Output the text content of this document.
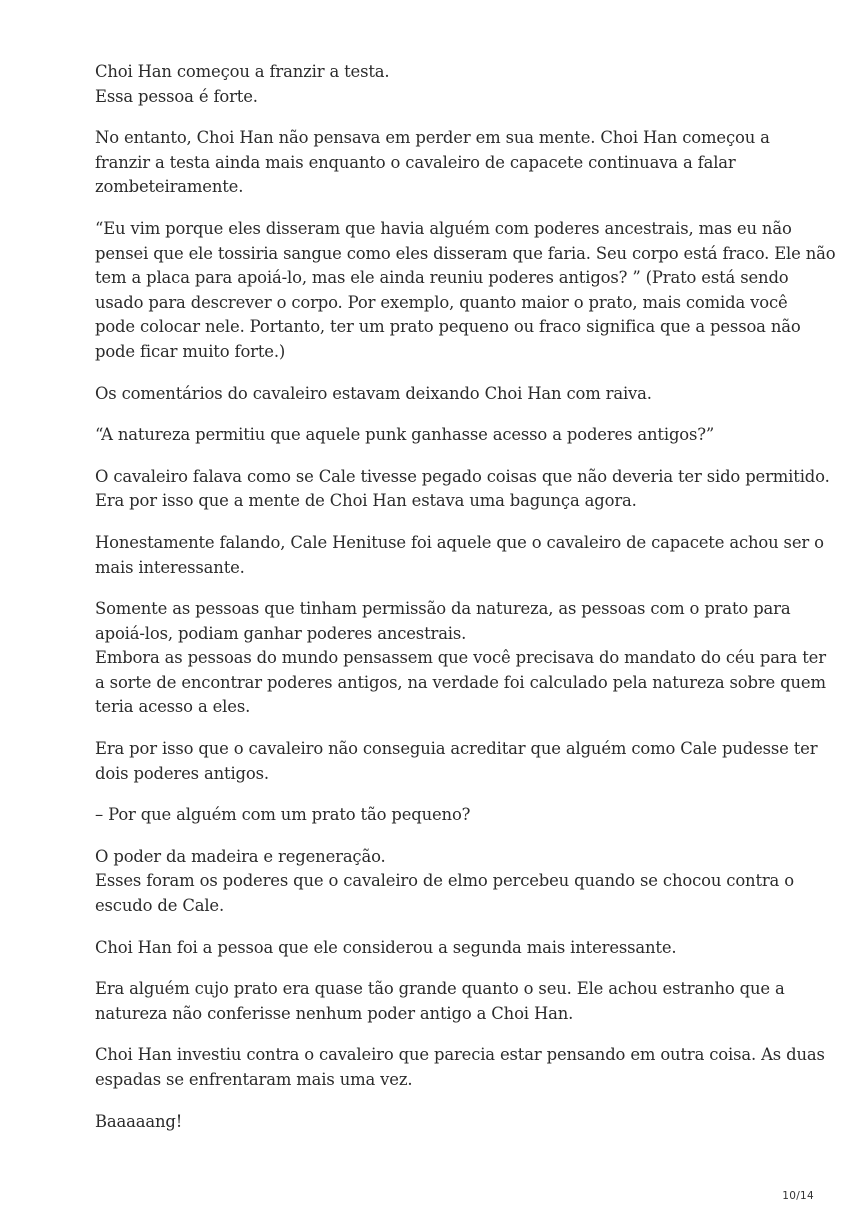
Choi Han começou a franzir a testa.
Essa pessoa é forte.

No entanto, Choi Han não pensava em perder em sua mente. Choi Han começou a
franzir a testa ainda mais enquanto o cavaleiro de capacete continuava a falar
zombeteiramente.

“Eu vim porque eles disseram que havia alguém com poderes ancestrais, mas eu não
pensei que ele tossiria sangue como eles disseram que faria. Seu corpo está fraco. Ele não
tem a placa para apoiá-lo, mas ele ainda reuniu poderes antigos? ” (Prato está sendo
usado para descrever o corpo. Por exemplo, quanto maior o prato, mais comida você
pode colocar nele. Portanto, ter um prato pequeno ou fraco significa que a pessoa não
pode ficar muito forte.)

Os comentários do cavaleiro estavam deixando Choi Han com raiva.

“A natureza permitiu que aquele punk ganhasse acesso a poderes antigos?”

O cavaleiro falava como se Cale tivesse pegado coisas que não deveria ter sido permitido.
Era por isso que a mente de Choi Han estava uma bagunça agora.

Honestamente falando, Cale Henituse foi aquele que o cavaleiro de capacete achou ser o
mais interessante.

Somente as pessoas que tinham permissão da natureza, as pessoas com o prato para
apoiá-los, podiam ganhar poderes ancestrais.
Embora as pessoas do mundo pensassem que você precisava do mandato do céu para ter
a sorte de encontrar poderes antigos, na verdade foi calculado pela natureza sobre quem
teria acesso a eles.

Era por isso que o cavaleiro não conseguia acreditar que alguém como Cale pudesse ter
dois poderes antigos.

– Por que alguém com um prato tão pequeno?

O poder da madeira e regeneração.
Esses foram os poderes que o cavaleiro de elmo percebeu quando se chocou contra o
escudo de Cale.

Choi Han foi a pessoa que ele considerou a segunda mais interessante.

Era alguém cujo prato era quase tão grande quanto o seu. Ele achou estranho que a
natureza não conferisse nenhum poder antigo a Choi Han.

Choi Han investiu contra o cavaleiro que parecia estar pensando em outra coisa. As duas
espadas se enfrentaram mais uma vez.

Baaaaang!

10/14
